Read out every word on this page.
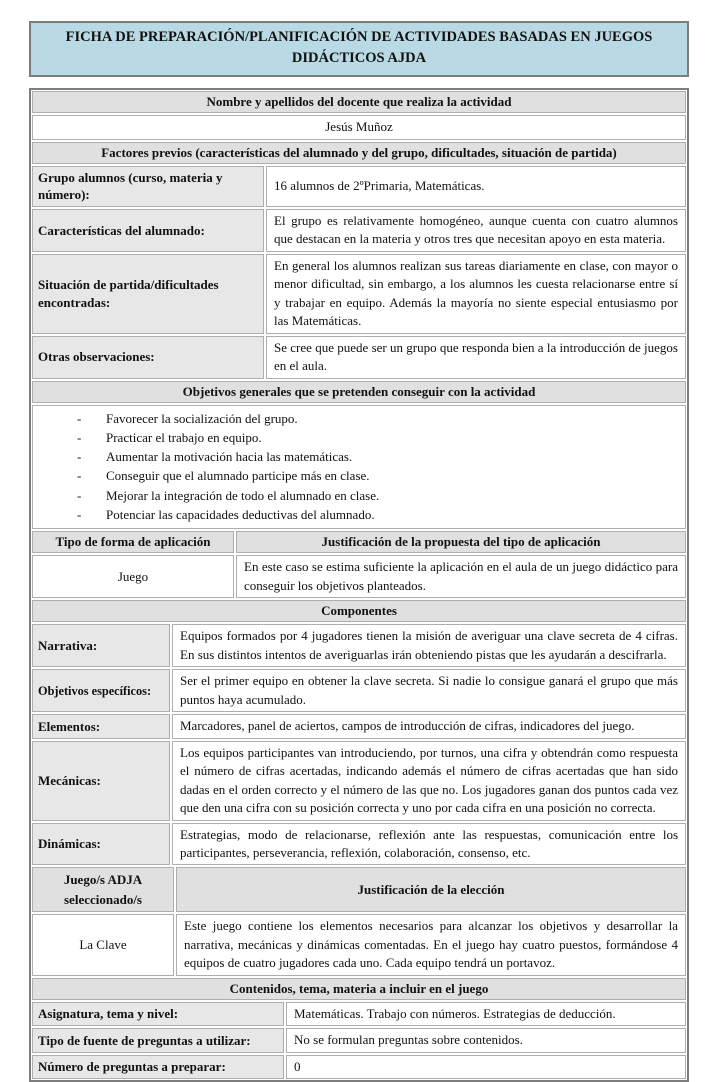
FICHA DE PREPARACIÓN/PLANIFICACIÓN DE ACTIVIDADES BASADAS EN JUEGOS DIDÁCTICOS AJDA
Nombre y apellidos del docente que realiza la actividad

Jesús Muñoz

Factores previos (características del alumnado y del grupo, dificultades, situación de partida)
Grupo alumnos (curso, materia y número):

16 alumnos de 2ºPrimaria, Matemáticas.

Características del alumnado:

El grupo es relativamente homogéneo, aunque cuenta con cuatro alumnos que destacan en la materia y otros tres que necesitan apoyo en esta materia.

Situación de partida/dificultades encontradas:

En general los alumnos realizan sus tareas diariamente en clase, con mayor o menor dificultad, sin embargo, a los alumnos les cuesta relacionarse entre sí y trabajar en equipo. Además la mayoría no siente especial entusiasmo por las Matemáticas.

Otras observaciones:

Se cree que puede ser un grupo que responda bien a la introducción de juegos en el aula.

Objetivos generales que se pretenden conseguir con la actividad
-	Favorecer la socialización del grupo.
-	Practicar el trabajo en equipo.
-	Aumentar la motivación hacia las matemáticas.
-	Conseguir que el alumnado participe más en clase.
-	Mejorar la integración de todo el alumnado en clase.
-	Potenciar las capacidades deductivas del alumnado.
Tipo de forma de aplicación	Justificación de la propuesta del tipo de aplicación

Juego

En este caso se estima suficiente la aplicación en el aula de un juego didáctico para conseguir los objetivos planteados.

Componentes
Narrativa:

Equipos formados por 4 jugadores tienen la misión de averiguar una clave secreta de 4 cifras. En sus distintos intentos de averiguarlas irán obteniendo pistas que les ayudarán a descifrarla.

Objetivos específicos:

Ser el primer equipo en obtener la clave secreta. Si nadie lo consigue ganará el grupo que más puntos haya acumulado.

Elementos:	Marcadores, panel de aciertos, campos de introducción de cifras, indicadores del juego.

Mecánicas:

Los equipos participantes van introduciendo, por turnos, una cifra y obtendrán como respuesta el número de cifras acertadas, indicando además el número de cifras acertadas que han sido dadas en el orden correcto y el número de las que no. Los jugadores ganan dos puntos cada vez que den una cifra con su posición correcta y uno por cada cifra en una posición no correcta.

Dinámicas:

Estrategias, modo de relacionarse, reflexión ante las respuestas, comunicación entre los participantes, perseverancia, reflexión, colaboración, consenso, etc.

Juego/s ADJA seleccionado/s
Justificación de la elección

La Clave

Este juego contiene los elementos necesarios para alcanzar los objetivos y desarrollar la narrativa, mecánicas y dinámicas comentadas. En el juego hay cuatro puestos, formándose 4 equipos de cuatro jugadores cada uno. Cada equipo tendrá un portavoz.

Contenidos, tema, materia a incluir en el juego
Asignatura, tema y nivel:	Matemáticas. Trabajo con números. Estrategias de deducción.

Tipo de fuente de preguntas a utilizar:	No se formulan preguntas sobre contenidos.

Número de preguntas a preparar:	0
